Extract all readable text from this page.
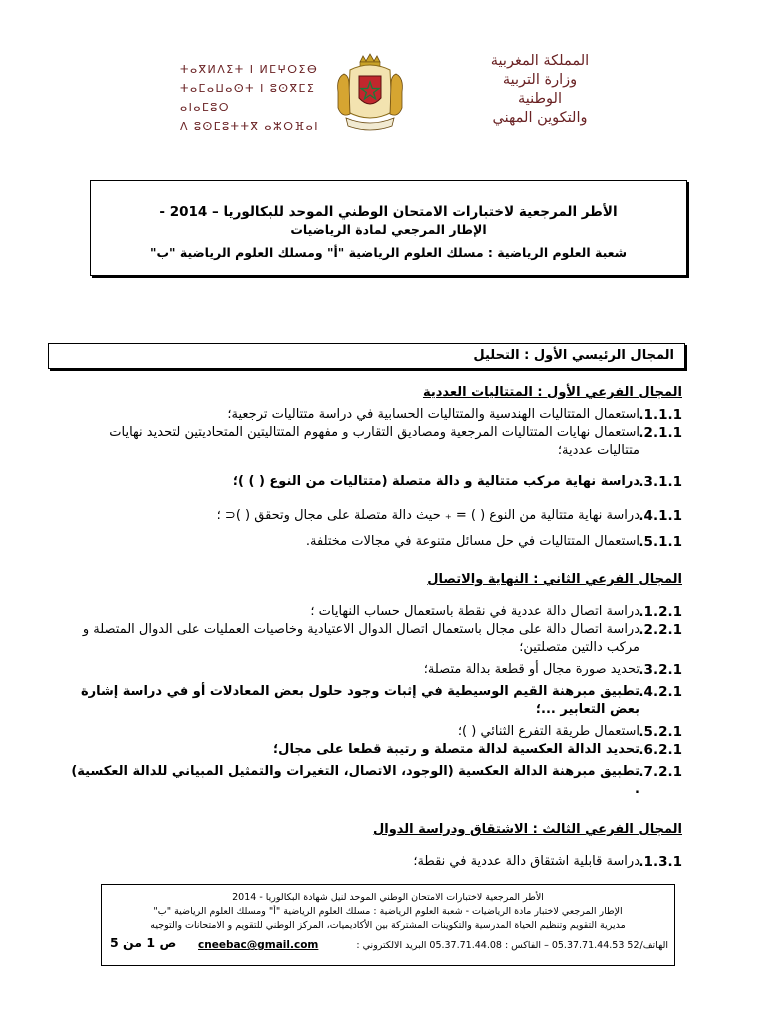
المملكة المغربية
وزارة التربية الوطنية
والتكوين المهني
ⵜⴰⴳⵍⴷⵉⵜ ⵏ ⵍⵎⵖⵔⵉⴱ
ⵜⴰⵎⴰⵡⴰⵙⵜ ⵏ ⵓⵙⴳⵎⵉ ⴰⵏⴰⵎⵓⵔ
ⴷ ⵓⵙⵎⵓⵜⵜⴳ ⴰⵣⵔⴼⴰⵏ
الأطر المرجعية لاختبارات الامتحان الوطني الموحد للبكالوريا – 2014 -
الإطار المرجعي لمادة الرياضيات
شعبة العلوم الرياضية : مسلك العلوم الرياضية "أ" ومسلك العلوم الرياضية "ب"
المجال الرئيسي الأول : التحليل
المجال الفرعي الأول : المتتاليات العددية
.1.1.1
استعمال المتتاليات الهندسية والمتتاليات الحسابية في دراسة متتاليات ترجعية؛
.2.1.1
استعمال نهايات المتتاليات المرجعية ومصاديق التقارب و مفهوم المتتاليتين المتحاديتين لتحديد نهايات متتاليات عددية؛
.3.1.1
دراسة نهاية مركب متتالية و دالة متصلة (متتاليات من النوع ( ) )؛
.4.1.1
دراسة نهاية متتالية من النوع ( ) = ₊ حيث دالة متصلة على مجال وتحقق ( )⊂ ؛
.5.1.1
استعمال المتتاليات في حل مسائل متنوعة في مجالات مختلفة.
المجال الفرعي الثاني : النهاية والاتصال
.1.2.1
دراسة اتصال دالة عددية في نقطة باستعمال حساب النهايات ؛
.2.2.1
دراسة اتصال دالة على مجال باستعمال اتصال الدوال الاعتيادية وخاصيات العمليات على الدوال المتصلة و مركب دالتين متصلتين؛
.3.2.1
تحديد صورة مجال أو قطعة بدالة متصلة؛
.4.2.1
تطبيق مبرهنة القيم الوسيطية في إثبات وجود حلول بعض المعادلات أو في دراسة إشارة بعض التعابير ...؛
.5.2.1
استعمال طريقة التفرع الثنائي ( )؛
.6.2.1
تحديد الدالة العكسية لدالة متصلة و رتيبة قطعا على مجال؛
.7.2.1
تطبيق مبرهنة الدالة العكسية (الوجود، الاتصال، التغيرات والتمثيل المبياني للدالة العكسية) .
المجال الفرعي الثالث : الاشتقاق ودراسة الدوال
.1.3.1
دراسة قابلية اشتقاق دالة عددية في نقطة؛
الأطر المرجعية لاختبارات الامتحان الوطني الموحد لنيل شهادة البكالوريا - 2014
الإطار المرجعي لاختبار مادة الرياضيات - شعبة العلوم الرياضية : مسلك العلوم الرياضية "أ" ومسلك العلوم الرياضية "ب"
مديرية التقويم وتنظيم الحياة المدرسية والتكوينات المشتركة بين الأكاديميات، المركز الوطني للتقويم و الامتحانات والتوجيه
الهاتف/52 05.37.71.44.53 – الفاكس : 05.37.71.44.08 البريد الالكتروني :
cneebac@gmail.com
ص 1 من 5
